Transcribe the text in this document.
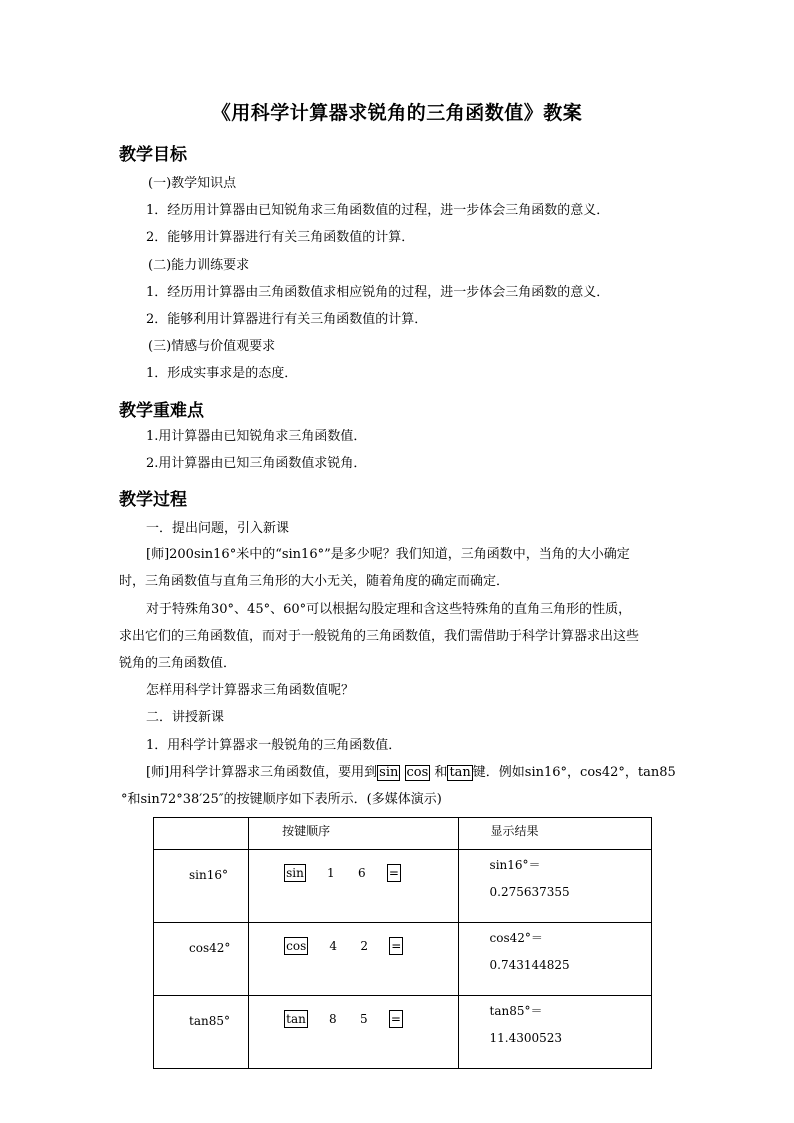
《用科学计算器求锐角的三角函数值》教案
教学目标
(一)教学知识点
1．经历用计算器由已知锐角求三角函数值的过程，进一步体会三角函数的意义．
2．能够用计算器进行有关三角函数值的计算．
(二)能力训练要求
1．经历用计算器由三角函数值求相应锐角的过程，进一步体会三角函数的意义．
2．能够利用计算器进行有关三角函数值的计算．
(三)情感与价值观要求
1．形成实事求是的态度．
教学重难点
1.用计算器由已知锐角求三角函数值．
2.用计算器由已知三角函数值求锐角．
教学过程
一．提出问题，引入新课
[师]200sin16°米中的“sin16°”是多少呢？我们知道，三角函数中，当角的大小确定
时，三角函数值与直角三角形的大小无关，随着角度的确定而确定．
对于特殊角30°、45°、60°可以根据勾股定理和含这些特殊角的直角三角形的性质，
求出它们的三角函数值，而对于一般锐角的三角函数值，我们需借助于科学计算器求出这些
锐角的三角函数值．
怎样用科学计算器求三角函数值呢？
二．讲授新课
1．用科学计算器求一般锐角的三角函数值．
[师]用科学计算器求三角函数值，要用到 sin cos 和 tan 键．例如sin16°，cos42°，tan85
°和sin72°38′25″的按键顺序如下表所示．(多媒体演示)
	按键顺序	显示结果
sin16°	sin 1 6 =	sin16°＝
0.275637355

cos42°	cos 4 2 =	cos42°＝
0.743144825

tan85°	tan 8 5 =	tan85°＝
11.4300523
